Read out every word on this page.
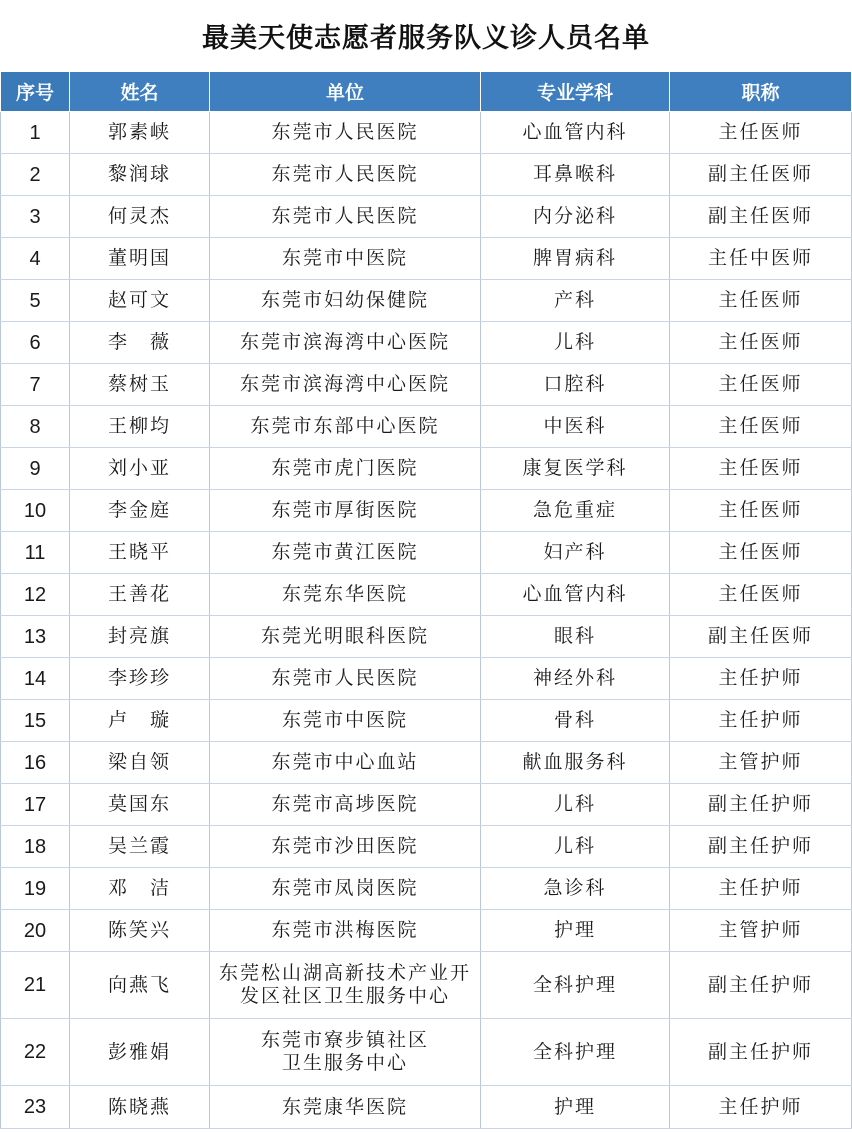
最美天使志愿者服务队义诊人员名单
序号	姓名	单位	专业学科	职称
1	郭素峡	东莞市人民医院	心血管内科	主任医师
2	黎润球	东莞市人民医院	耳鼻喉科	副主任医师
3	何灵杰	东莞市人民医院	内分泌科	副主任医师
4	董明国	东莞市中医院	脾胃病科	主任中医师
5	赵可文	东莞市妇幼保健院	产科	主任医师
6	李　薇	东莞市滨海湾中心医院	儿科	主任医师
7	蔡树玉	东莞市滨海湾中心医院	口腔科	主任医师
8	王柳均	东莞市东部中心医院	中医科	主任医师
9	刘小亚	东莞市虎门医院	康复医学科	主任医师
10	李金庭	东莞市厚街医院	急危重症	主任医师
11	王晓平	东莞市黄江医院	妇产科	主任医师
12	王善花	东莞东华医院	心血管内科	主任医师
13	封亮旗	东莞光明眼科医院	眼科	副主任医师
14	李珍珍	东莞市人民医院	神经外科	主任护师
15	卢　璇	东莞市中医院	骨科	主任护师
16	梁自领	东莞市中心血站	献血服务科	主管护师
17	莫国东	东莞市高埗医院	儿科	副主任护师
18	吴兰霞	东莞市沙田医院	儿科	副主任护师
19	邓　洁	东莞市凤岗医院	急诊科	主任护师
20	陈笑兴	东莞市洪梅医院	护理	主管护师
21	向燕飞	东莞松山湖高新技术产业开
发区社区卫生服务中心	全科护理	副主任护师
22	彭雅娟	东莞市寮步镇社区
卫生服务中心	全科护理	副主任护师
23	陈晓燕	东莞康华医院	护理	主任护师
